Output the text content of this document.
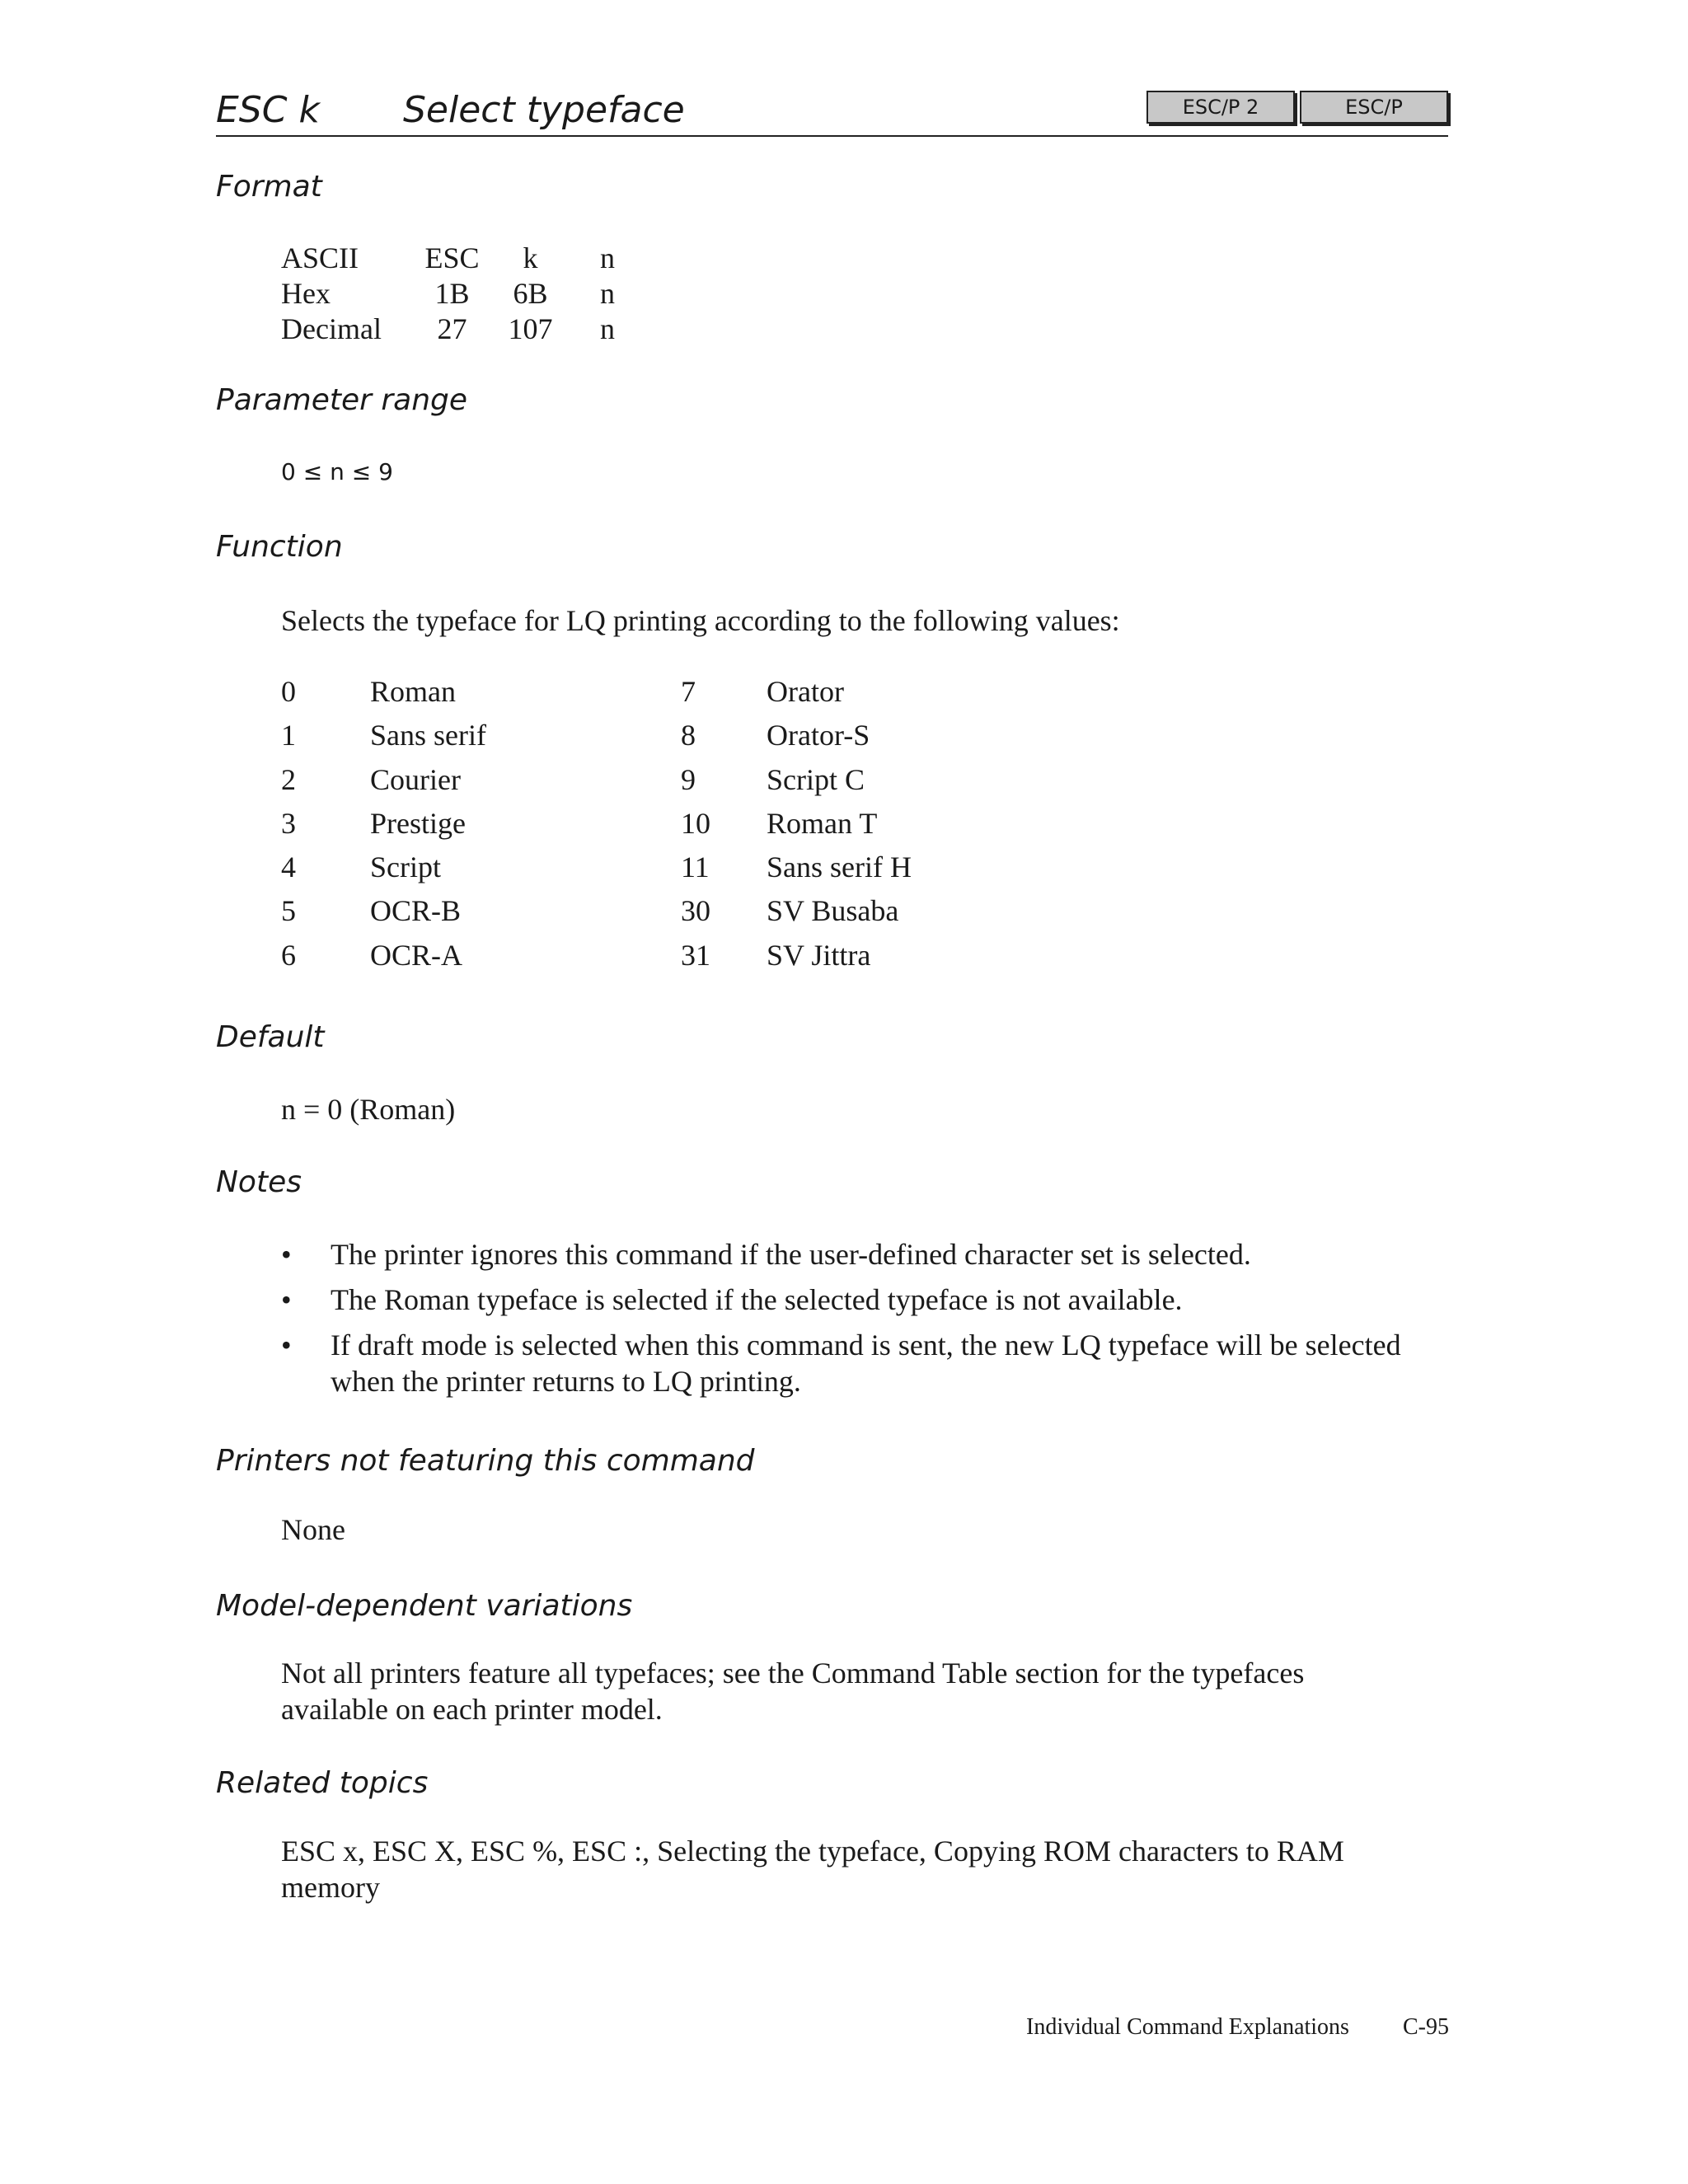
ESC k Select typeface	ESC/P 2	ESC/P
Format
ASCII ESC	k	n
Hex	1B	6B	n
Decimal	27	107	n
Parameter range
0 ≤ n ≤ 9
Function
Selects the typeface for LQ printing according to the following values:
0	Roman	7 Orator
1	Sans serif	8 Orator-S
2	Courier	9 Script C
3	Prestige	10 Roman T
4	Script	11 Sans serif H
5	OCR-B	30 SV Busaba
6	OCR-A	31 SV Jittra
Default
n = 0 (Roman)
Notes
• The printer ignores this command if the user-defined character set is selected.
• The Roman typeface is selected if the selected typeface is not available.
• If draft mode is selected when this command is sent, the new LQ typeface will be selected when the printer returns to LQ printing.
Printers not featuring this command
None
Model-dependent variations
Not all printers feature all typefaces; see the Command Table section for the typefaces available on each printer model.
Related topics
ESC x, ESC X, ESC %, ESC :, Selecting the typeface, Copying ROM characters to RAM memory
Individual Command Explanations C-95
